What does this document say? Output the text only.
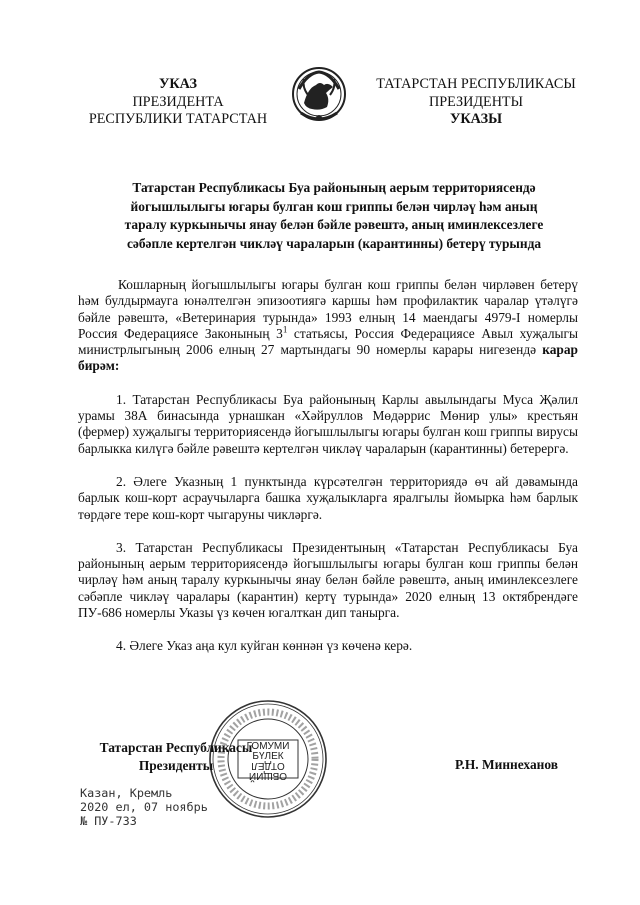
УКАЗ
ПРЕЗИДЕНТА
РЕСПУБЛИКИ ТАТАРСТАН
ТАТАРСТАН РЕСПУБЛИКАСЫ
ПРЕЗИДЕНТЫ
УКАЗЫ
Татарстан Республикасы Буа районының аерым территориясендә
йогышлылыгы югары булган кош гриппы белән чирләү һәм аның
таралу куркынычы янау белән бәйле рәвештә, аның иминлексезлеге
сәбәпле кертелгән чикләү чараларын (карантинны) бетерү турында

Кошларның йогышлылыгы югары булган кош гриппы белән чирләвен бетерү һәм булдырмауга юнәлтелгән эпизоотиягә каршы һәм профилактик чаралар үтәлүгә бәйле рәвештә, «Ветеринария турында» 1993 елның 14 маендагы 4979-I номерлы Россия Федерациясе Законының $3^1$ статьясы, Россия Федерациясе Авыл хуҗалыгы министрлыгының 2006 елның 27 мартындагы 90 номерлы карары нигезендә карар бирәм:

1. Татарстан Республикасы Буа районының Карлы авылындагы Муса Җәлил урамы 38А бинасында урнашкан «Хәйруллов Мөдәррис Мөнир улы» крестьян (фермер) хуҗалыгы территориясендә йогышлылыгы югары булган кош гриппы вирусы барлыкка килүгә бәйле рәвештә кертелгән чикләү чараларын (карантинны) бетерергә.

2. Әлеге Указның 1 пунктында күрсәтелгән территориядә өч ай дәвамында барлык кош-корт асраучыларга башка хуҗалыкларга яралгылы йомырка һәм барлык төрдәге тере кош-корт чыгаруны чикләргә.

3. Татарстан Республикасы Президентының «Татарстан Республикасы Буа районының аерым территориясендә йогышлылыгы югары булган кош гриппы белән чирләү һәм аның таралу куркынычы янау белән бәйле рәвештә, аның иминлексезлеге сәбәпле чикләү чаралары (карантин) кертү турында» 2020 елның 13 октябрендәге ПУ-686 номерлы Указы үз көчен югалткан дип танырга.

4. Әлеге Указ аңа кул куйган көннән үз көченә керә.

ГОМУМИ
БҮЛЕК
ОТДЕЛ
ОБЩИЙ
Татарстан Республикасы
Президенты	Р.Н. Миннеханов
Казан, Кремль
2020 ел, 07 ноябрь
№ ПУ-733
